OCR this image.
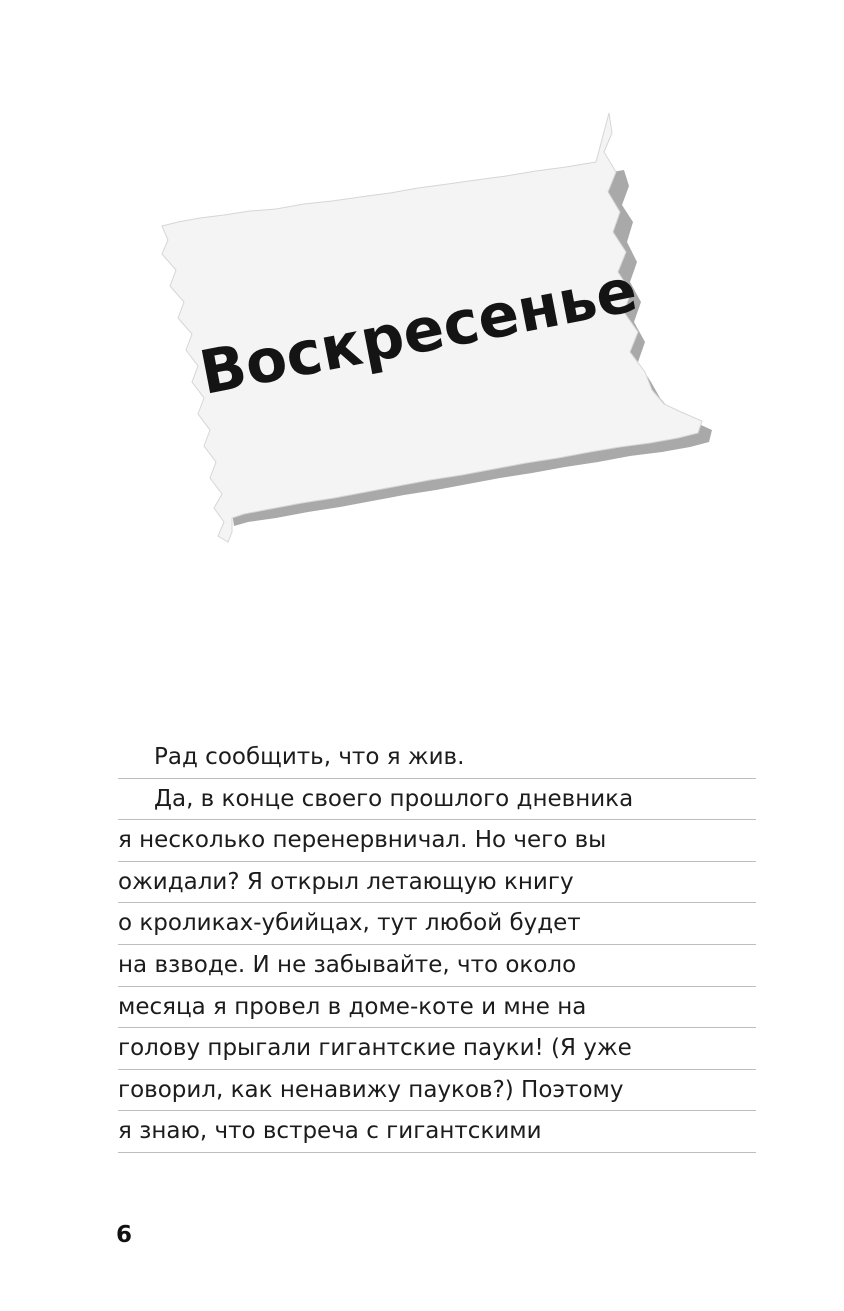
Воскресенье
Рад сообщить, что я жив.
Да, в конце своего прошлого дневника
я несколько перенервничал. Но чего вы
ожидали? Я открыл летающую книгу
о кроликах-убийцах, тут любой будет
на взводе. И не забывайте, что около
месяца я провел в доме-коте и мне на
голову прыгали гигантские пауки! (Я уже
говорил, как ненавижу пауков?) Поэтому
я знаю, что встреча с гигантскими
6
